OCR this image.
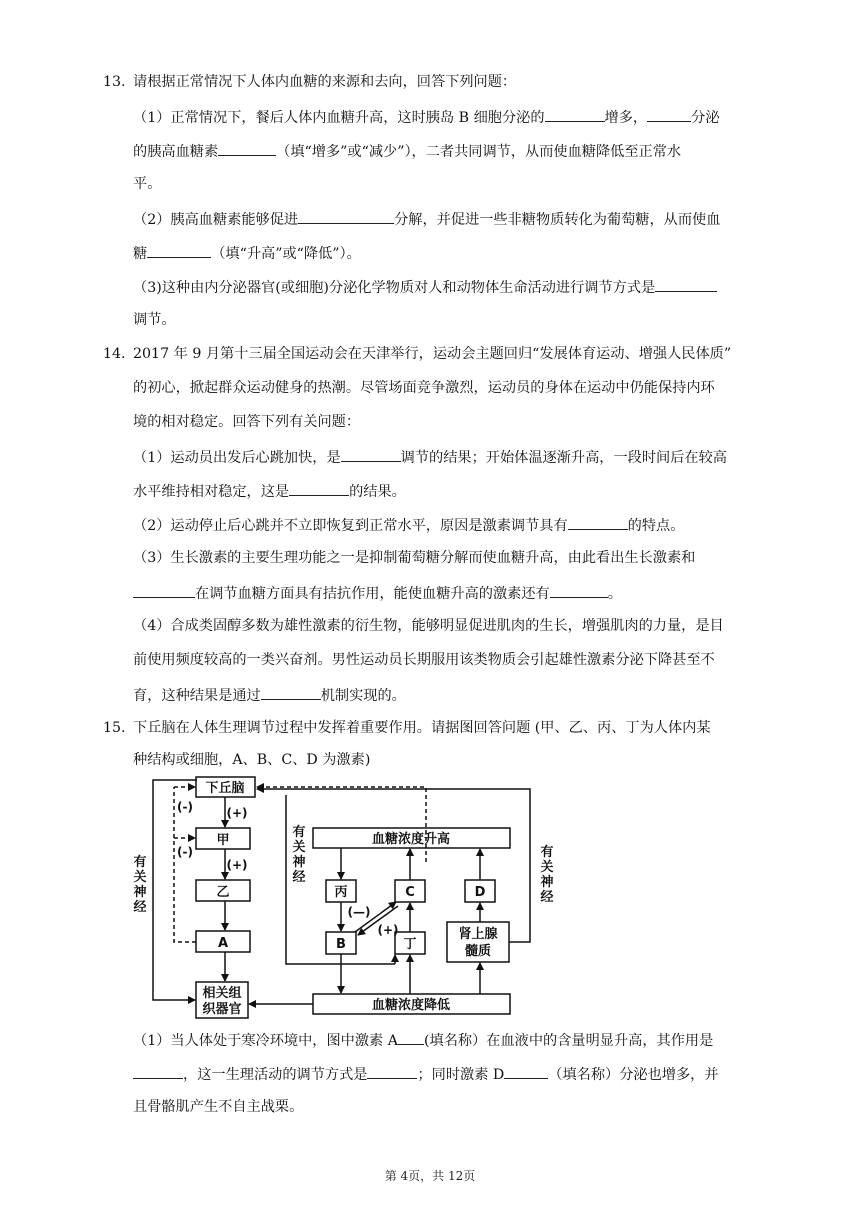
13. 请根据正常情况下人体内血糖的来源和去向，回答下列问题：
（1）正常情况下，餐后人体内血糖升高，这时胰岛 B 细胞分泌的	增多，	分泌
的胰高血糖素	（填“增多”或“减少”），二者共同调节，从而使血糖降低至正常水
平。
（2）胰高血糖素能够促进	分解，并促进一些非糖物质转化为葡萄糖，从而使血
糖	（填“升高”或“降低”）。
（3)这种由内分泌器官(或细胞)分泌化学物质对人和动物体生命活动进行调节方式是
调节。
14. 2017 年 9 月第十三届全国运动会在天津举行，运动会主题回归“发展体育运动、增强人民体质”
的初心，掀起群众运动健身的热潮。尽管场面竞争激烈，运动员的身体在运动中仍能保持内环
境的相对稳定。回答下列有关问题：
（1）运动员出发后心跳加快，是	调节的结果；开始体温逐渐升高，一段时间后在较高
水平维持相对稳定，这是	的结果。
（2）运动停止后心跳并不立即恢复到正常水平，原因是激素调节具有	的特点。
（3）生长激素的主要生理功能之一是抑制葡萄糖分解而使血糖升高，由此看出生长激素和
在调节血糖方面具有拮抗作用，能使血糖升高的激素还有	。
（4）合成类固醇多数为雄性激素的衍生物，能够明显促进肌肉的生长，增强肌肉的力量，是目
前使用频度较高的一类兴奋剂。男性运动员长期服用该类物质会引起雄性激素分泌下降甚至不
育，这种结果是通过	机制实现的。
15. 下丘脑在人体生理调节过程中发挥着重要作用。请据图回答问题 (甲、乙、丙、丁为人体内某
种结构或细胞，A、B、C、D 为激素)
下丘脑
甲
乙
A
相关组
织器官
血糖浓度升高
丙	C
B	丁
D
肾上腺
髓质
血糖浓度降低
(+)
(+)
(-)
(-)
(—)
(+)
有
关
神
经
有
关
神
经
有
关
神
经
（1）当人体处于寒冷环境中，图中激素 A (填名称）在血液中的含量明显升高，其作用是
，这一生理活动的调节方式是	；同时激素 D	（填名称）分泌也增多，并
且骨骼肌产生不自主战栗。
第 4页，共 12页
